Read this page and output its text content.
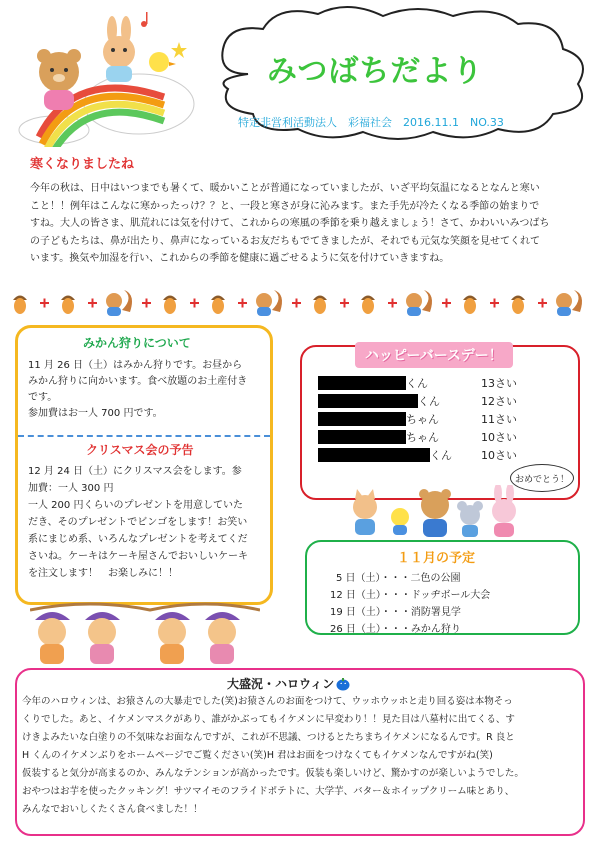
みつばちだより
特定非営利活動法人　彩福社会　2016.11.1　NO.33
寒くなりましたね
今年の秋は、日中はいつまでも暑くて、暖かいことが普通になっていましたが、いざ平均気温になるとなんと寒い
こと！！例年はこんなに寒かったっけ？？と、一段と寒さが身に沁みます。また手先が冷たくなる季節の始まりで
すね。大人の皆さま、肌荒れには気を付けて、これからの寒風の季節を乗り越えましょう！さて、かわいいみつばち
の子どもたちは、鼻が出たり、鼻声になっているお友だちもでてきましたが、それでも元気な笑顔を見せてくれて
います。換気や加湿を行い、これからの季節を健康に過ごせるように気を付けていきますね。
みかん狩りについて
11 月 26 日（土）はみかん狩りです。お昼から
みかん狩りに向かいます。食べ放題のお土産付き
です。
参加費はお一人 700 円です。
クリスマス会の予告
12 月 24 日（土）にクリスマス会をします。参
加費：一人 300 円
一人 200 円くらいのプレゼントを用意していた
だき、そのプレゼントでビンゴをします！お笑い
系にまじめ系、いろんなプレゼントを考えてくだ
さいね。ケーキはケーキ屋さんでおいしいケーキ
を注文します！　お楽しみに！！
ハッピーバースデー！
くん	13さい
くん	12さい
ちゃん	11さい
ちゃん	10さい
くん	10さい
おめでとう！
１１月の予定
5 日（土）・・・二色の公園
12 日（土）・・・ドッヂボール大会
19 日（土）・・・消防署見学
26 日（土）・・・みかん狩り
大盛況・ハロウィン
今年のハロウィンは、お猿さんの大暴走でした(笑)お猿さんのお面をつけて、ウッホウッホと走り回る姿は本物そっ
くりでした。あと、イケメンマスクがあり、誰がかぶってもイケメンに早変わり！！見た目は八墓村に出てくる、す
けきよみたいな白塗りの不気味なお面なんですが、これが不思議、つけるとたちまちイケメンになるんです。R 良と
H くんのイケメンぶりをホームページでご覧ください(笑)H 君はお面をつけなくてもイケメンなんですがね(笑)
仮装すると気分が高まるのか、みんなテンションが高かったです。仮装も楽しいけど、驚かすのが楽しいようでした。
おやつはお芋を使ったクッキング！サツマイモのフライドポテトに、大学芋、バター＆ホイップクリーム味とあり、
みんなでおいしくたくさん食べました！！
